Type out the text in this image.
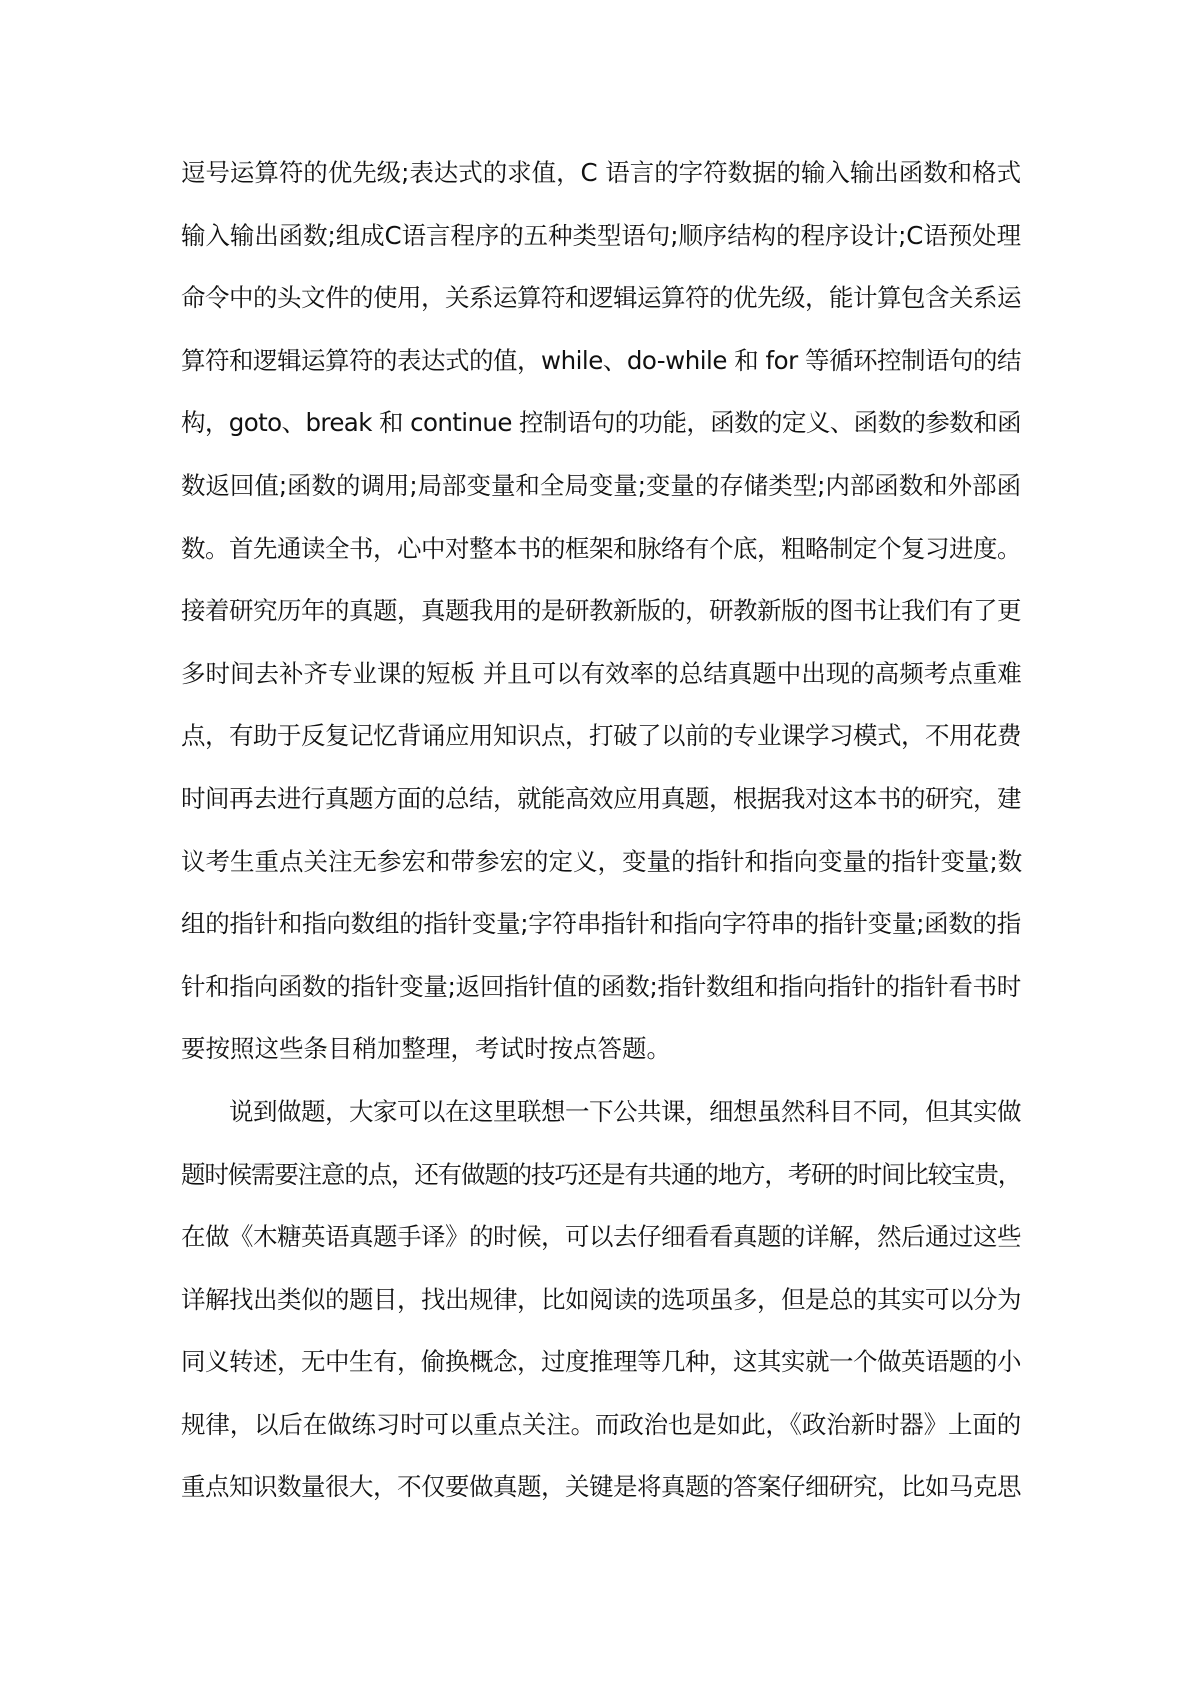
逗号运算符的优先级;表达式的求值，C 语言的字符数据的输入输出函数和格式
输入输出函数;组成C语言程序的五种类型语句;顺序结构的程序设计;C语预处理
命令中的头文件的使用，关系运算符和逻辑运算符的优先级，能计算包含关系运
算符和逻辑运算符的表达式的值，while、do-while 和 for 等循环控制语句的结
构，goto、break 和 continue 控制语句的功能，函数的定义、函数的参数和函
数返回值;函数的调用;局部变量和全局变量;变量的存储类型;内部函数和外部函
数。首先通读全书，心中对整本书的框架和脉络有个底，粗略制定个复习进度。
接着研究历年的真题，真题我用的是研教新版的，研教新版的图书让我们有了更
多时间去补齐专业课的短板 并且可以有效率的总结真题中出现的高频考点重难
点，有助于反复记忆背诵应用知识点，打破了以前的专业课学习模式，不用花费
时间再去进行真题方面的总结，就能高效应用真题，根据我对这本书的研究，建
议考生重点关注无参宏和带参宏的定义，变量的指针和指向变量的指针变量;数
组的指针和指向数组的指针变量;字符串指针和指向字符串的指针变量;函数的指
针和指向函数的指针变量;返回指针值的函数;指针数组和指向指针的指针看书时
要按照这些条目稍加整理，考试时按点答题。
说到做题，大家可以在这里联想一下公共课，细想虽然科目不同，但其实做
题时候需要注意的点，还有做题的技巧还是有共通的地方，考研的时间比较宝贵，
在做《木糖英语真题手译》的时候，可以去仔细看看真题的详解，然后通过这些
详解找出类似的题目，找出规律，比如阅读的选项虽多，但是总的其实可以分为
同义转述，无中生有，偷换概念，过度推理等几种，这其实就一个做英语题的小
规律，以后在做练习时可以重点关注。而政治也是如此，《政治新时器》上面的
重点知识数量很大，不仅要做真题，关键是将真题的答案仔细研究，比如马克思
